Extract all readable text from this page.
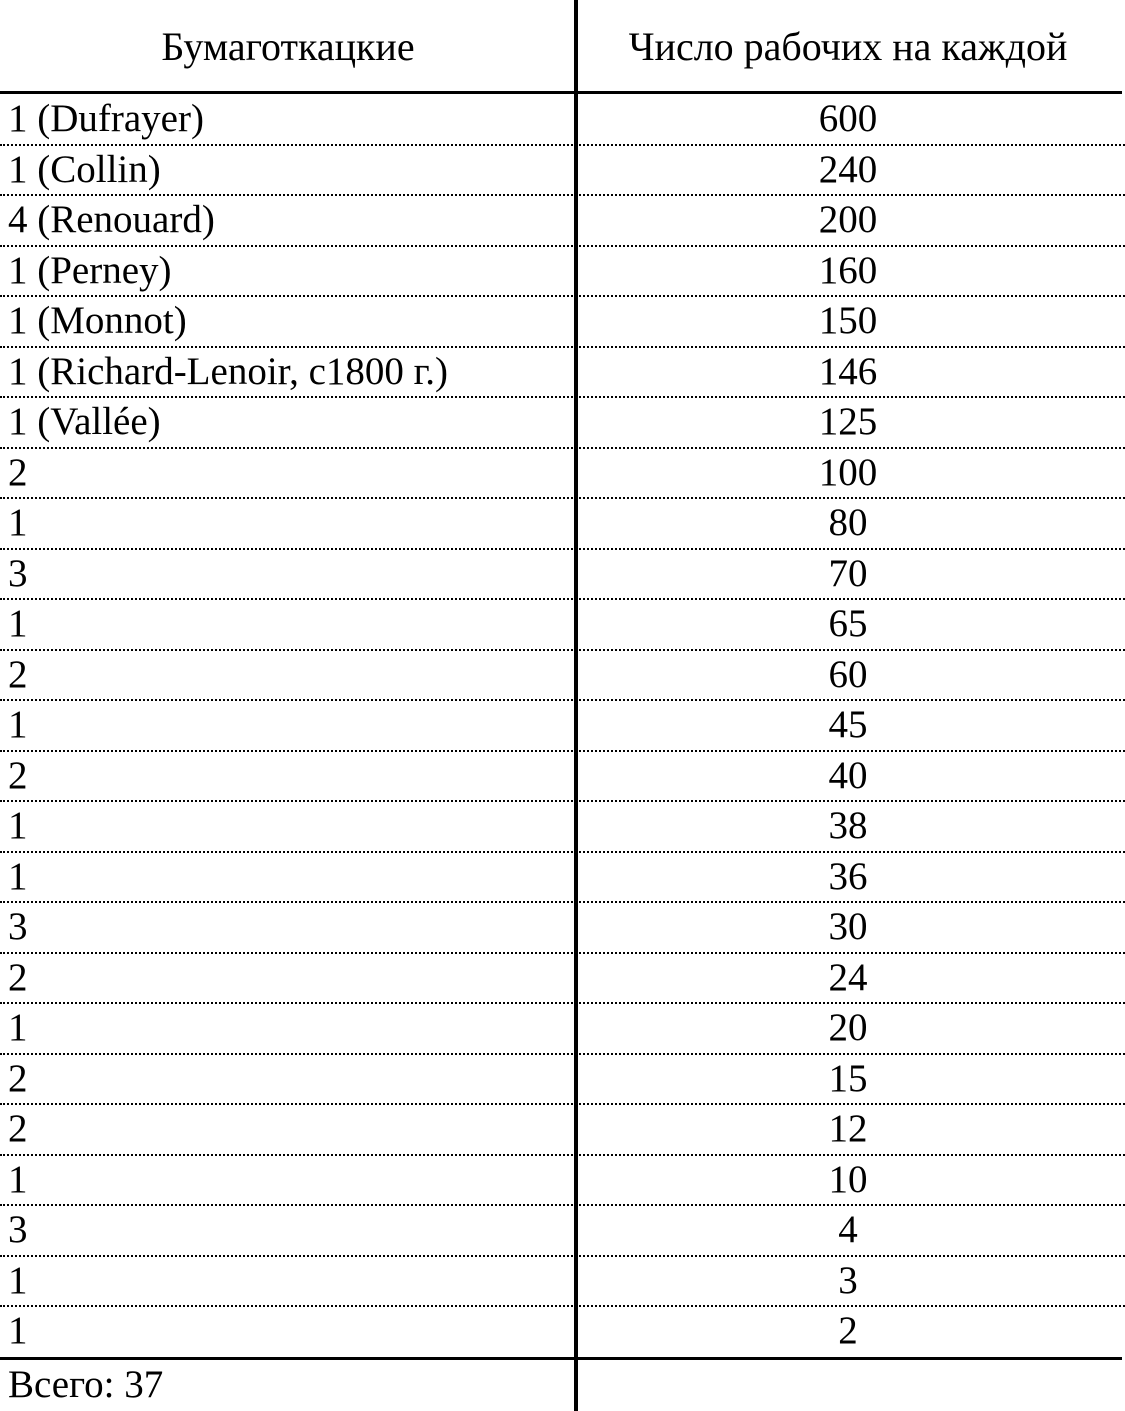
Бумаготкацкие	Число рабочих на каждой
1 (Dufrayer)	600
1 (Collin)	240
4 (Renouard)	200
1 (Perney)	160
1 (Monnot)	150
1 (Richard-Lenoir, с1800 г.)	146
1 (Vallée)	125
2	100
1	80
3	70
1	65
2	60
1	45
2	40
1	38
1	36
3	30
2	24
1	20
2	15
2	12
1	10
3	4
1	3
1	2
Всего: 37
